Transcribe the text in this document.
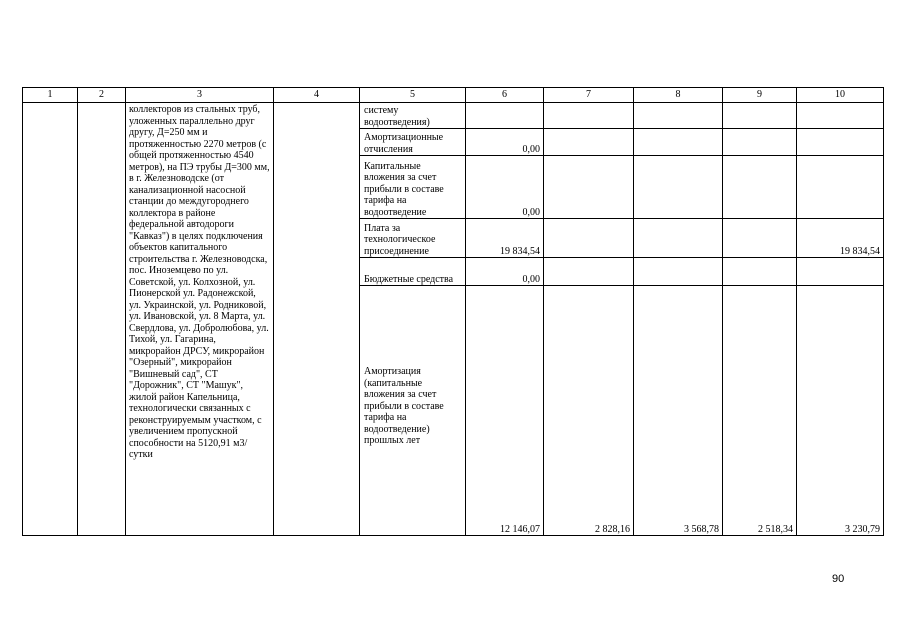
1	2	3	4	5	6	7	8	9	10
		коллекторов из стальных труб, уложенных параллельно друг другу, Д=250 мм и протяженностью 2270 метров (с общей протяженностью 4540 метров), на ПЭ трубы Д=300 мм, в г. Железноводске (от канализационной насосной станции до междугороднего коллектора в районе федеральной автодороги "Кавказ") в целях подключения объектов капитального строительства г. Железноводска, пос. Иноземцево по ул. Советской, ул. Колхозной, ул. Пионерской ул. Радонежской, ул. Украинской, ул. Родниковой, ул. Ивановской, ул. 8 Марта, ул. Свердлова, ул. Добролюбова, ул. Тихой, ул. Гагарина, микрорайон ДРСУ, микрорайон "Озерный", микрорайон "Вишневый сад", СТ "Дорожник", СТ "Машук", жилой район Капельница, технологически связанных с реконструируемым участком, с увеличением пропускной способности на 5120,91 м3/сутки		систему водоотведения)					
				Амортизационные отчисления	0,00				
				Капитальные вложения за счет прибыли в составе тарифа на водоотведение	0,00				
				Плата за технологическое присоединение	19 834,54				19 834,54
				Бюджетные средства	0,00				
				Амортизация (капитальные вложения за счет прибыли в составе тарифа на водоотведение) прошлых лет	12 146,07	2 828,16	3 568,78	2 518,34	3 230,79
90
